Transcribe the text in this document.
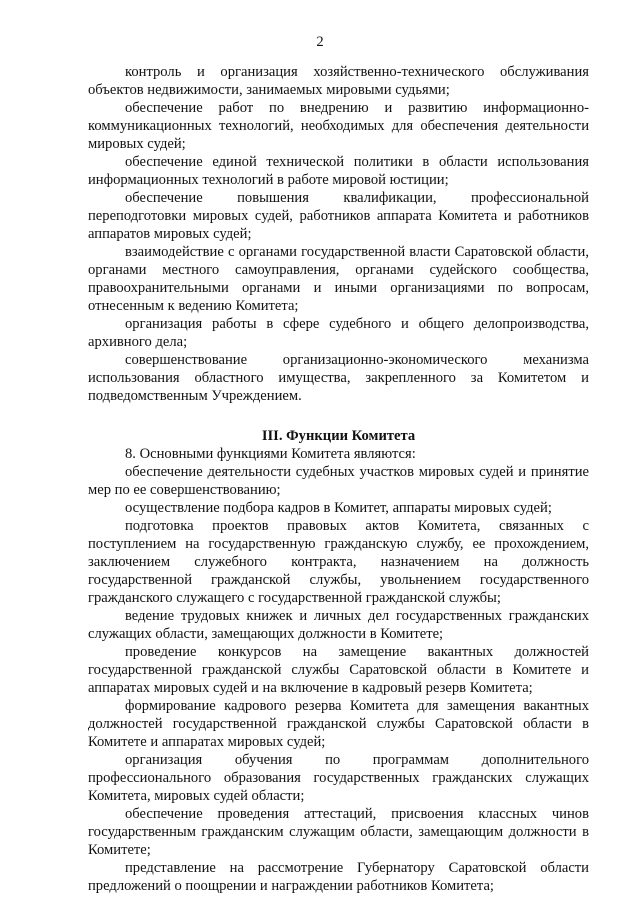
2

контроль и организация хозяйственно-технического обслуживания объектов недвижимости, занимаемых мировыми судьями;

обеспечение работ по внедрению и развитию информационно-коммуникационных технологий, необходимых для обеспечения деятельности мировых судей;

обеспечение единой технической политики в области использования информационных технологий в работе мировой юстиции;

обеспечение повышения квалификации, профессиональной переподготовки мировых судей, работников аппарата Комитета и работников аппаратов мировых судей;

взаимодействие с органами государственной власти Саратовской области, органами местного самоуправления, органами судейского сообщества, правоохранительными органами и иными организациями по вопросам, отнесенным к ведению Комитета;

организация работы в сфере судебного и общего делопроизводства, архивного дела;

совершенствование организационно-экономического механизма использования областного имущества, закрепленного за Комитетом и подведомственным Учреждением.

III. Функции Комитета

8. Основными функциями Комитета являются:

обеспечение деятельности судебных участков мировых судей и принятие мер по ее совершенствованию;

осуществление подбора кадров в Комитет, аппараты мировых судей;

подготовка проектов правовых актов Комитета, связанных с поступлением на государственную гражданскую службу, ее прохождением, заключением служебного контракта, назначением на должность государственной гражданской службы, увольнением государственного гражданского служащего с государственной гражданской службы;

ведение трудовых книжек и личных дел государственных гражданских служащих области, замещающих должности в Комитете;

проведение конкурсов на замещение вакантных должностей государственной гражданской службы Саратовской области в Комитете и аппаратах мировых судей и на включение в кадровый резерв Комитета;

формирование кадрового резерва Комитета для замещения вакантных должностей государственной гражданской службы Саратовской области в Комитете и аппаратах мировых судей;

организация обучения по программам дополнительного профессионального образования государственных гражданских служащих Комитета, мировых судей области;

обеспечение проведения аттестаций, присвоения классных чинов государственным гражданским служащим области, замещающим должности в Комитете;

представление на рассмотрение Губернатору Саратовской области предложений о поощрении и награждении работников Комитета;
